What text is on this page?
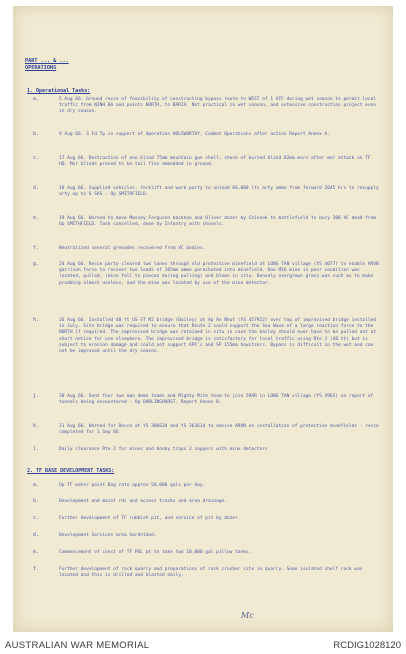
PART ... & ...
OPERATIONS
1. Operational Tasks:
a.	5 Aug 66. Ground recce of feasibility of constructing bypass route to WEST of 1 ATF during wet season to permit local traffic from NINH BA and points NORTH, to BARIA. Not practical in wet season, and extensive construction project even in dry season.
b.	9 Aug 66. 3 Fd Tp in support of Operation HOLSWORTHY, Combat Operations after action Report Annex A.
c.	17 Aug 66. Destruction of one blind 75mm mountain gun shell, check of buried blind 82mm mors after mor attack on TF HQ. Mor blinds proved to be tail fins embedded in ground.
d.	18 Aug 66. Supplied vehicles, forklift and work party to unload 66,000 lts arty ammo from forward 2045 hrs to resupply arty op to 6 SAS - Op SMITHFIELD.
e.	19 Aug 66. Warned to move Massey Ferguson backhoe and Oliver dozer by Chinook to battlefield to bury 308 VC dead from Op SMITHFIELD. Task cancelled, done by Infantry with shovels.
f.	Neutralized several grenades recovered from VC bodies.
g.	24 Aug 66. Recce party cleared two lanes through old protective minefield at LONG TAN village (YS 4077) to enable ARVN garrison force to recover two loads of 105mm ammo parachuted into minefield. One M16 mine in poor condition was located, pulled, (mine fell to pieces during pulling) and blown in situ. Densely overgrown grass was such as to make prodding almost useless, and the mine was located by use of the mine detector.
h.	26 Aug 66. Installed 40 ft US ST M2 bridge (Bailey) at Ap An Nhut (YS 457922) over top of improvised bridge installed in July. Site bridge was required to ensure that Route 2 could support the Sea Wave of a large reaction force to the NORTH if required. The improvised bridge was retained in situ in case the bailey should ever have to be pulled out at short notice for use elsewhere. The improvised bridge is satisfactory for local traffic using Rte 2 (40 tt) but is subject to erosion damage and could not support APC's and SP 155mm howitzers. Bypass is difficult in the wet and can not be improved until the dry season.
j.	30 Aug 66. Sent four two man demo teams and Mighty Mite team to join 5RAR in LONG TAN village (YS 4965) on report of tunnels being encountered - Op DARLINGHURST. Report Annex B.
k.	31 Aug 66. Warned for Recce at YS 386634 and YS 363614 to advise ARVN on installation of protective minefields - recce completed for 1 Sep 66.
l.	Daily clearance Rte 2 for mines and booby traps 2 sappers with mine detectors
2. TF BASE DEVELOPMENT TASKS:
a.	Op TF water point Dog rate approx 50,000 gals per day.
b.	Development and maint rds and access tracks and area drainage.
c.	Further development of TF rubbish pit, and service of pit by dozer.
d.	Development Services area hardstand.
e.	Commencement of const of TF POL pt to take two 10,000 gal pillow tanks.
f.	Further development of rock quarry and preparations of rock crusher site in quarry. Some isolated shelf rock was located and this is drilled and blasted daily.
Mc
AUSTRALIAN WAR MEMORIAL	RCDIG1028120
